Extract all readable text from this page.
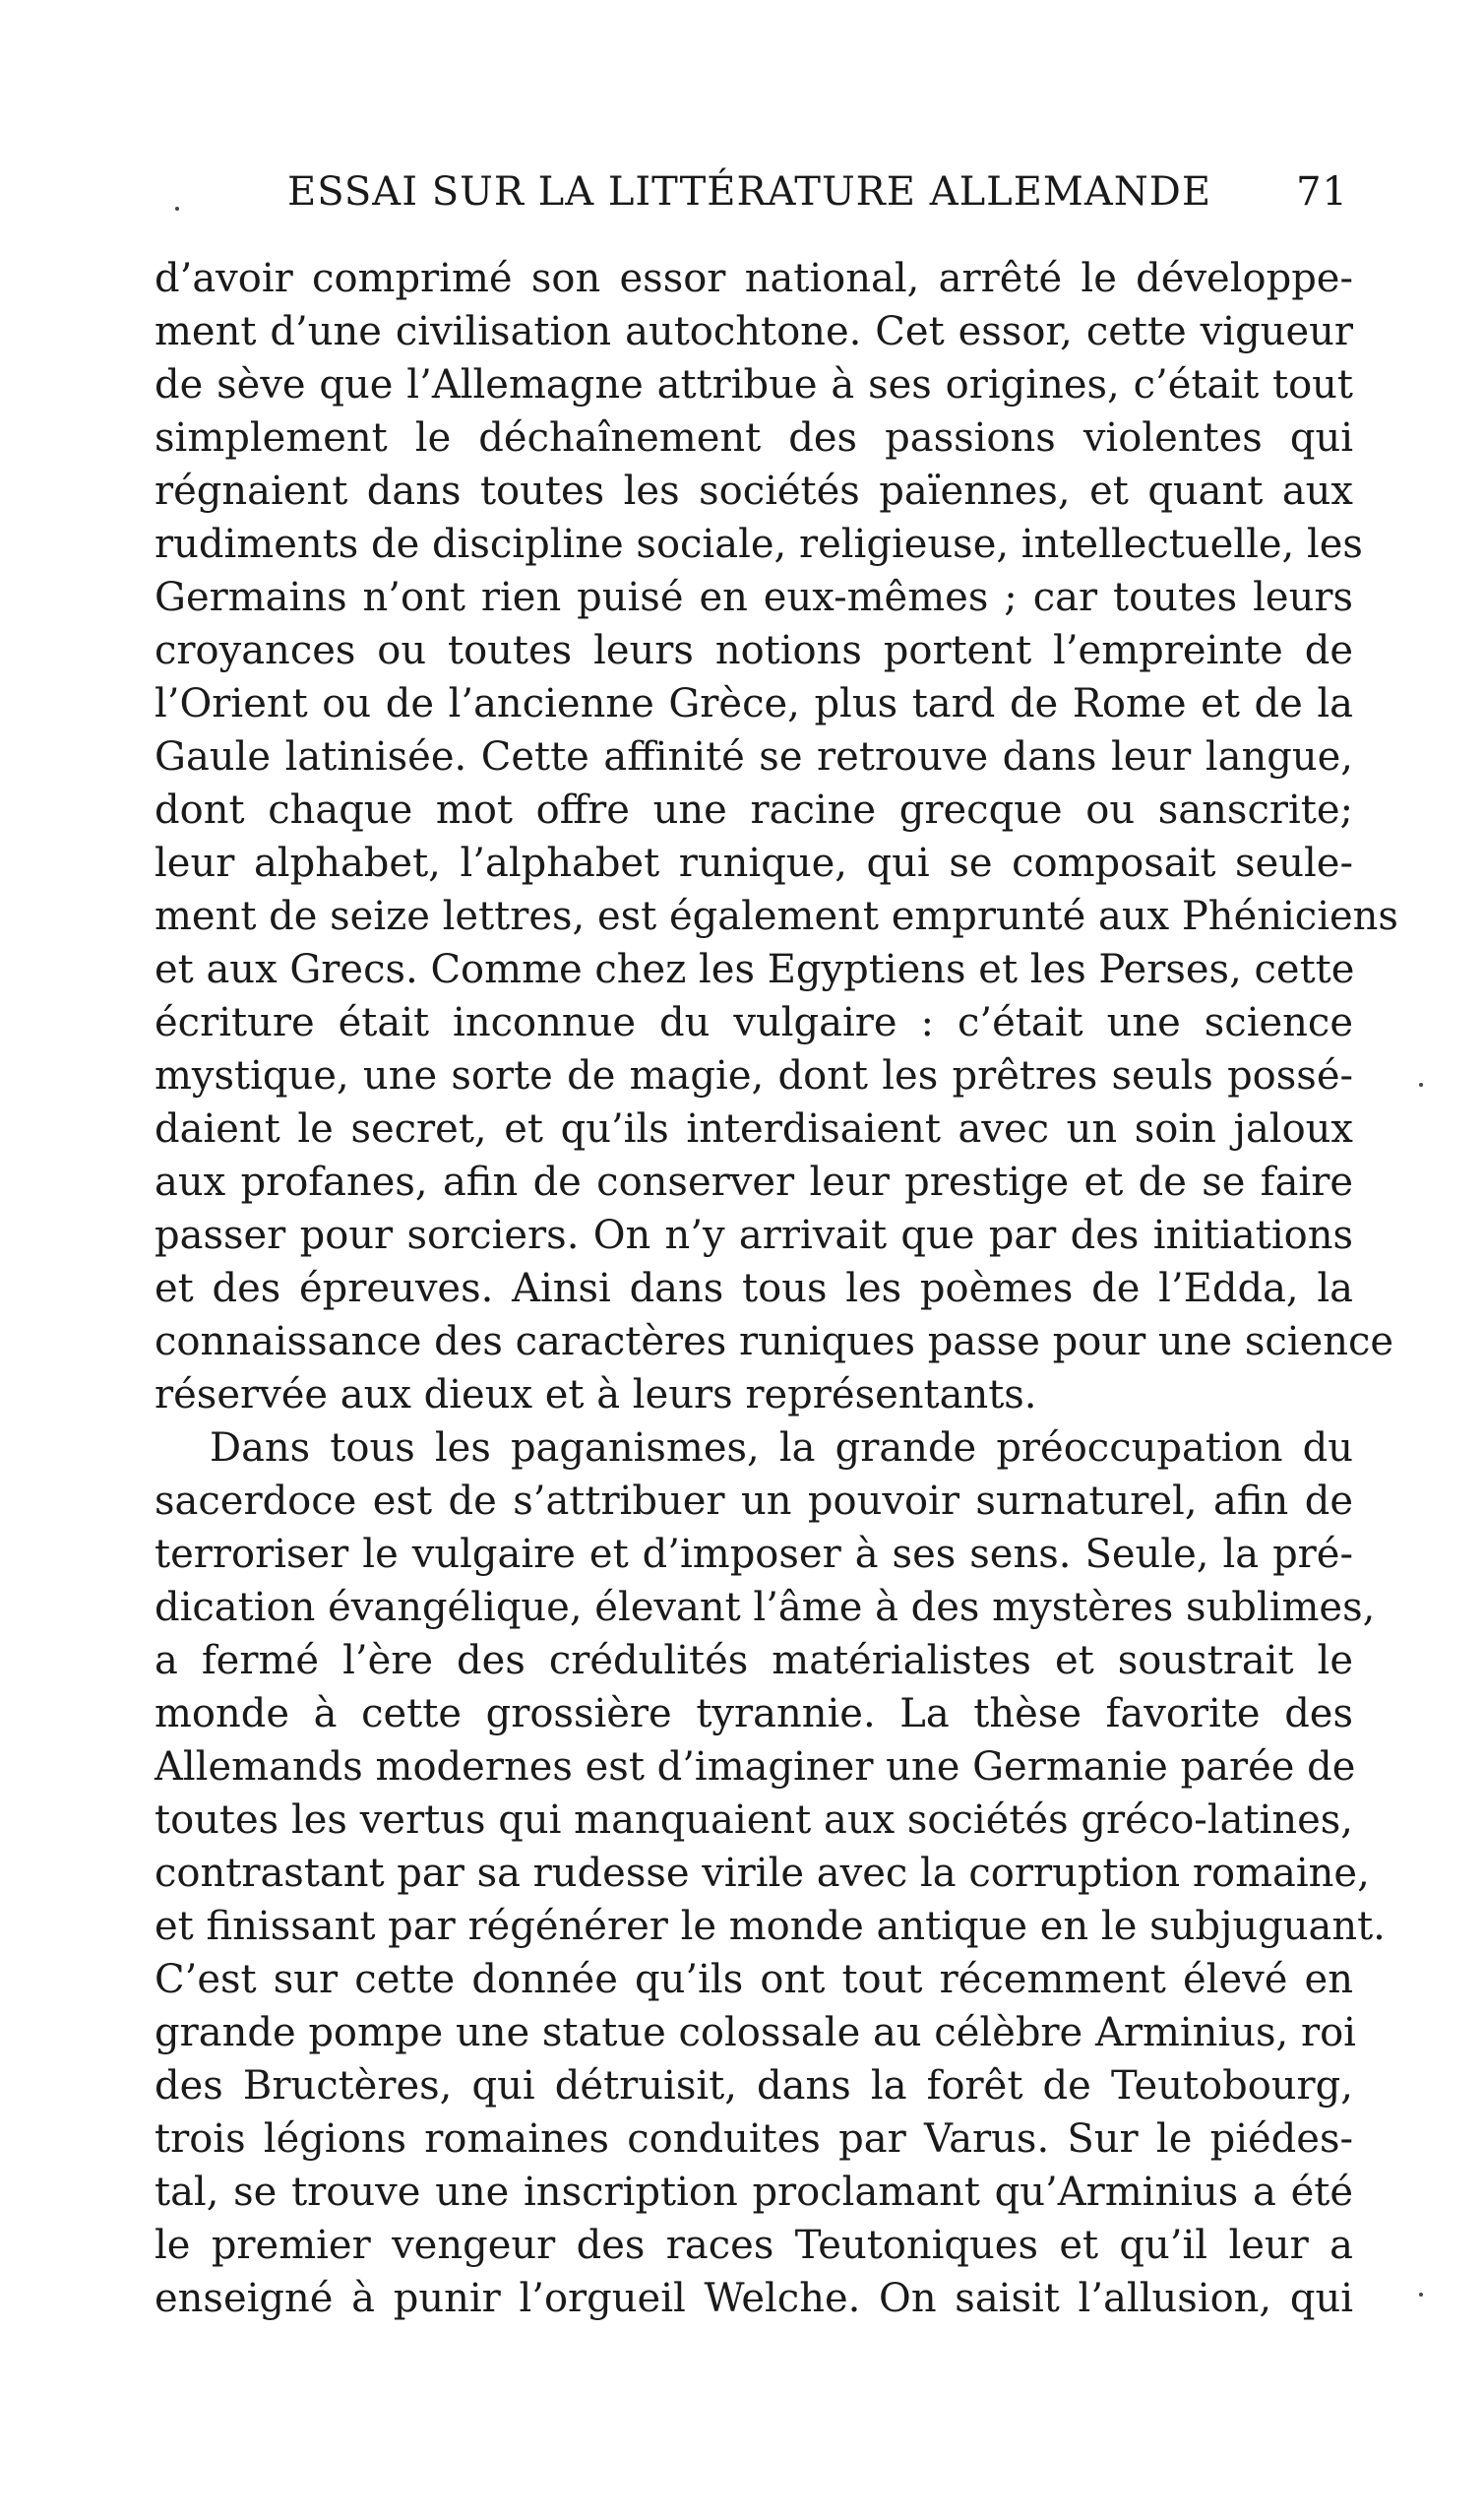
ESSAI SUR LA LITTÉRATURE ALLEMANDE 71
d’avoir comprimé son essor national, arrêté le développe-
ment d’une civilisation autochtone. Cet essor, cette vigueur
de sève que l’Allemagne attribue à ses origines, c’était tout
simplement le déchaînement des passions violentes qui
régnaient dans toutes les sociétés païennes, et quant aux
rudiments de discipline sociale, religieuse, intellectuelle, les
Germains n’ont rien puisé en eux-mêmes ; car toutes leurs
croyances ou toutes leurs notions portent l’empreinte de
l’Orient ou de l’ancienne Grèce, plus tard de Rome et de la
Gaule latinisée. Cette affinité se retrouve dans leur langue,
dont chaque mot offre une racine grecque ou sanscrite;
leur alphabet, l’alphabet runique, qui se composait seule-
ment de seize lettres, est également emprunté aux Phéniciens
et aux Grecs. Comme chez les Egyptiens et les Perses, cette
écriture était inconnue du vulgaire : c’était une science
mystique, une sorte de magie, dont les prêtres seuls possé-
daient le secret, et qu’ils interdisaient avec un soin jaloux
aux profanes, afin de conserver leur prestige et de se faire
passer pour sorciers. On n’y arrivait que par des initiations
et des épreuves. Ainsi dans tous les poèmes de l’Edda, la
connaissance des caractères runiques passe pour une science
réservée aux dieux et à leurs représentants.
Dans tous les paganismes, la grande préoccupation du
sacerdoce est de s’attribuer un pouvoir surnaturel, afin de
terroriser le vulgaire et d’imposer à ses sens. Seule, la pré-
dication évangélique, élevant l’âme à des mystères sublimes,
a fermé l’ère des crédulités matérialistes et soustrait le
monde à cette grossière tyrannie. La thèse favorite des
Allemands modernes est d’imaginer une Germanie parée de
toutes les vertus qui manquaient aux sociétés gréco-latines,
contrastant par sa rudesse virile avec la corruption romaine,
et finissant par régénérer le monde antique en le subjuguant.
C’est sur cette donnée qu’ils ont tout récemment élevé en
grande pompe une statue colossale au célèbre Arminius, roi
des Bructères, qui détruisit, dans la forêt de Teutobourg,
trois légions romaines conduites par Varus. Sur le piédes-
tal, se trouve une inscription proclamant qu’Arminius a été
le premier vengeur des races Teutoniques et qu’il leur a
enseigné à punir l’orgueil Welche. On saisit l’allusion, qui
